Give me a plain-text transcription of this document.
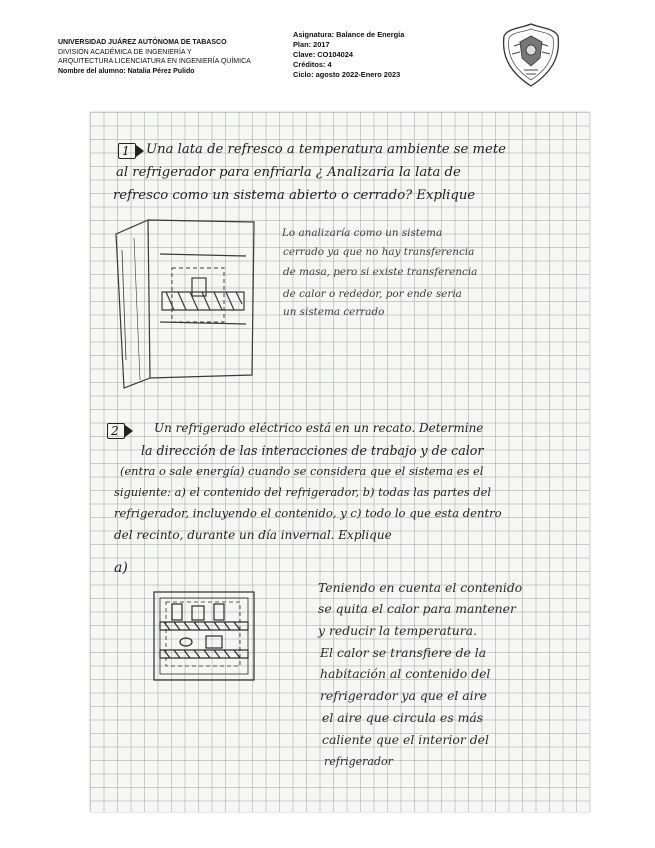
UNIVERSIDAD JUÁREZ AUTÓNOMA DE TABASCO
DIVISIÓN ACADÉMICA DE INGENIERÍA Y
ARQUITECTURA LICENCIATURA EN INGENIERÍA QUÍMICA
Nombre del alumno: Natalia Pérez Pulido
Asignatura: Balance de Energía
Plan: 2017
Clave: CO104024
Créditos: 4
Ciclo: agosto 2022-Enero 2023
1	Una lata de refresco a temperatura ambiente se mete
al refrigerador para enfriarla ¿ Analizaria la lata de
refresco como un sistema abierto o cerrado? Explique
Lo analizaría como un sistema
cerrado ya que no hay transferencia
de masa, pero si existe transferencia
de calor o rededor, por ende seria
un sistema cerrado
2	Un refrigerado eléctrico está en un recato. Determine
la dirección de las interacciones de trabajo y de calor
(entra o sale energía) cuando se considera que el sistema es el
siguiente: a) el contenido del refrigerador, b) todas las partes del
refrigerador, incluyendo el contenido, y c) todo lo que esta dentro
del recinto, durante un día invernal. Explique
a)
Teniendo en cuenta el contenido
se quita el calor para mantener
y reducir la temperatura.
El calor se transfiere de la
habitación al contenido del
refrigerador ya que el aire
el aire que circula es más
caliente que el interior del
refrigerador
